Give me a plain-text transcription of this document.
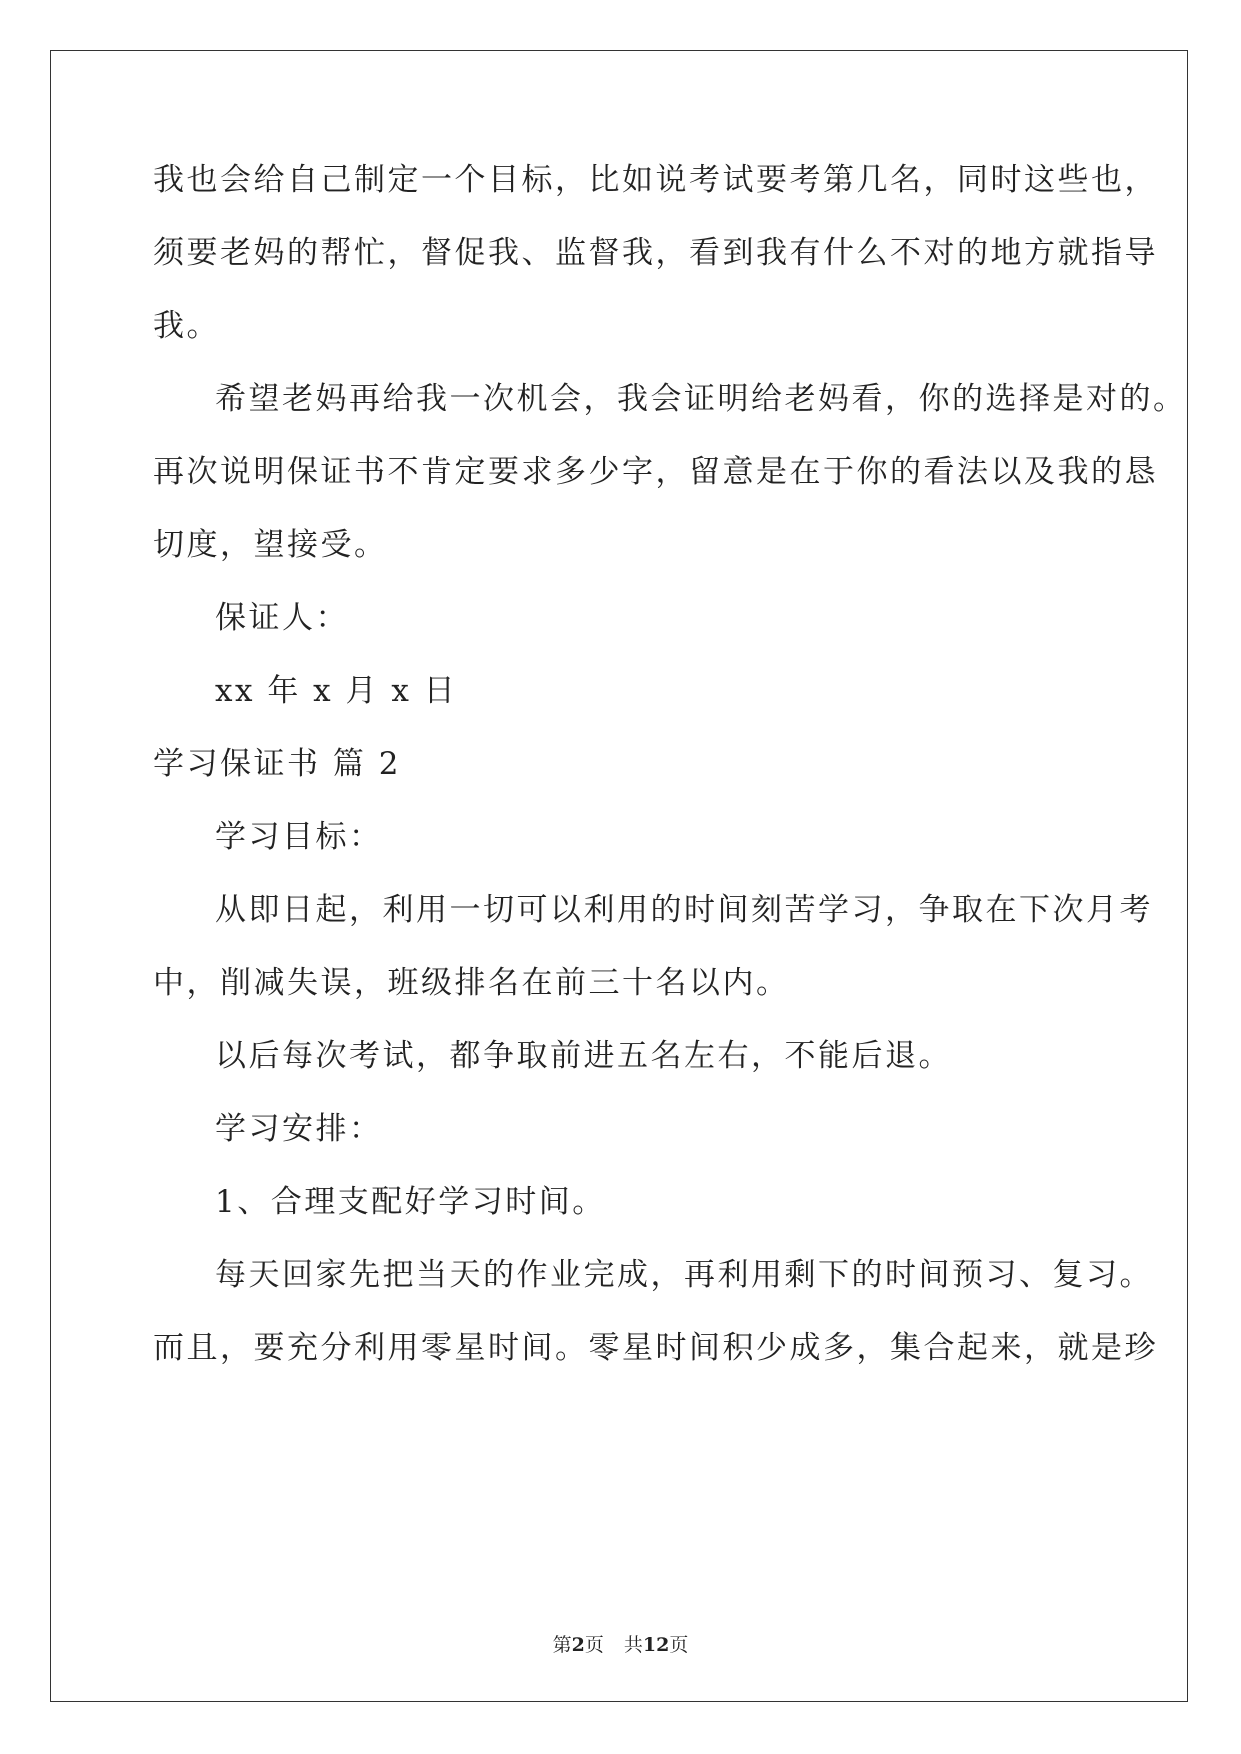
我也会给自己制定一个目标，比如说考试要考第几名，同时这些也，
须要老妈的帮忙，督促我、监督我，看到我有什么不对的地方就指导
我。
希望老妈再给我一次机会，我会证明给老妈看，你的选择是对的。
再次说明保证书不肯定要求多少字，留意是在于你的看法以及我的恳
切度，望接受。
保证人：
xx 年 x 月 x 日
学习保证书 篇 2
学习目标：
从即日起，利用一切可以利用的时间刻苦学习，争取在下次月考
中，削减失误，班级排名在前三十名以内。
以后每次考试，都争取前进五名左右，不能后退。
学习安排：
1、合理支配好学习时间。
每天回家先把当天的作业完成，再利用剩下的时间预习、复习。
而且，要充分利用零星时间。零星时间积少成多，集合起来，就是珍
第2页 共12页
